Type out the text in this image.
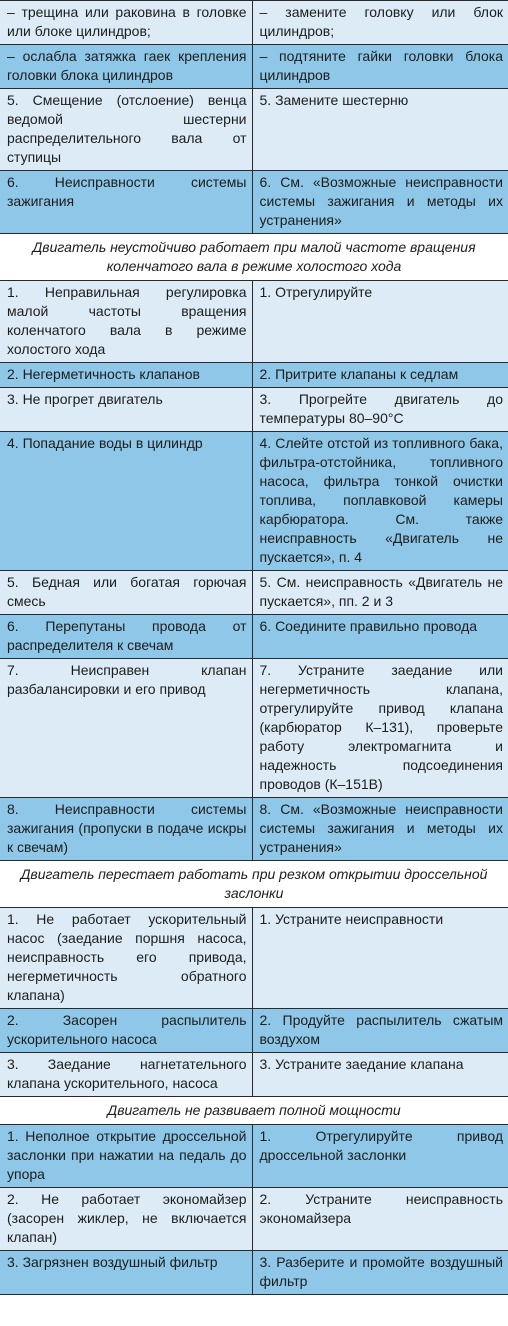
– трещина или раковина в головке или блоке цилиндров;	– замените головку или блок цилиндров;
– ослабла затяжка гаек крепления головки блока цилиндров	– подтяните гайки головки блока цилиндров
5. Смещение (отслоение) венца ведомой шестерни распределительного вала от ступицы	5. Замените шестерню
6. Неисправности системы зажигания	6. См. «Возможные неисправности системы зажигания и методы их устранения»
Двигатель неустойчиво работает при малой частоте вращения коленчатого вала в режиме холостого хода	
1. Неправильная регулировка малой частоты вращения коленчатого вала в режиме холостого хода	1. Отрегулируйте
2. Негерметичность клапанов	2. Притрите клапаны к седлам
3. Не прогрет двигатель	3. Прогрейте двигатель до температуры 80–90°С
4. Попадание воды в цилиндр	4. Слейте отстой из топливного бака, фильтра-отстойника, топливного насоса, фильтра тонкой очистки топлива, поплавковой камеры карбюратора. См. также неисправность «Двигатель не пускается», п. 4
5. Бедная или богатая горючая смесь	5. См. неисправность «Двигатель не пускается», пп. 2 и 3
6. Перепутаны провода от распределителя к свечам	6. Соедините правильно провода
7. Неисправен клапан разбалансировки и его привод	7. Устраните заедание или негерметичность клапана, отрегулируйте привод клапана (карбюратор К–131), проверьте работу электромагнита и надежность подсоединения проводов (К–151В)
8. Неисправности системы зажигания (пропуски в подаче искры к свечам)	8. См. «Возможные неисправности системы зажигания и методы их устранения»
Двигатель перестает работать при резком открытии дроссельной заслонки	
1. Не работает ускорительный насос (заедание поршня насоса, неисправность его привода, негерметичность обратного клапана)	1. Устраните неисправности
2. Засорен распылитель ускорительного насоса	2. Продуйте распылитель сжатым воздухом
3. Заедание нагнетательного клапана ускорительного, насоса	3. Устраните заедание клапана
Двигатель не развивает полной мощности	
1. Неполное открытие дроссельной заслонки при нажатии на педаль до упора	1. Отрегулируйте привод дроссельной заслонки
2. Не работает экономайзер (засорен жиклер, не включается клапан)	2. Устраните неисправность экономайзера
3. Загрязнен воздушный фильтр	3. Разберите и промойте воздушный фильтр
